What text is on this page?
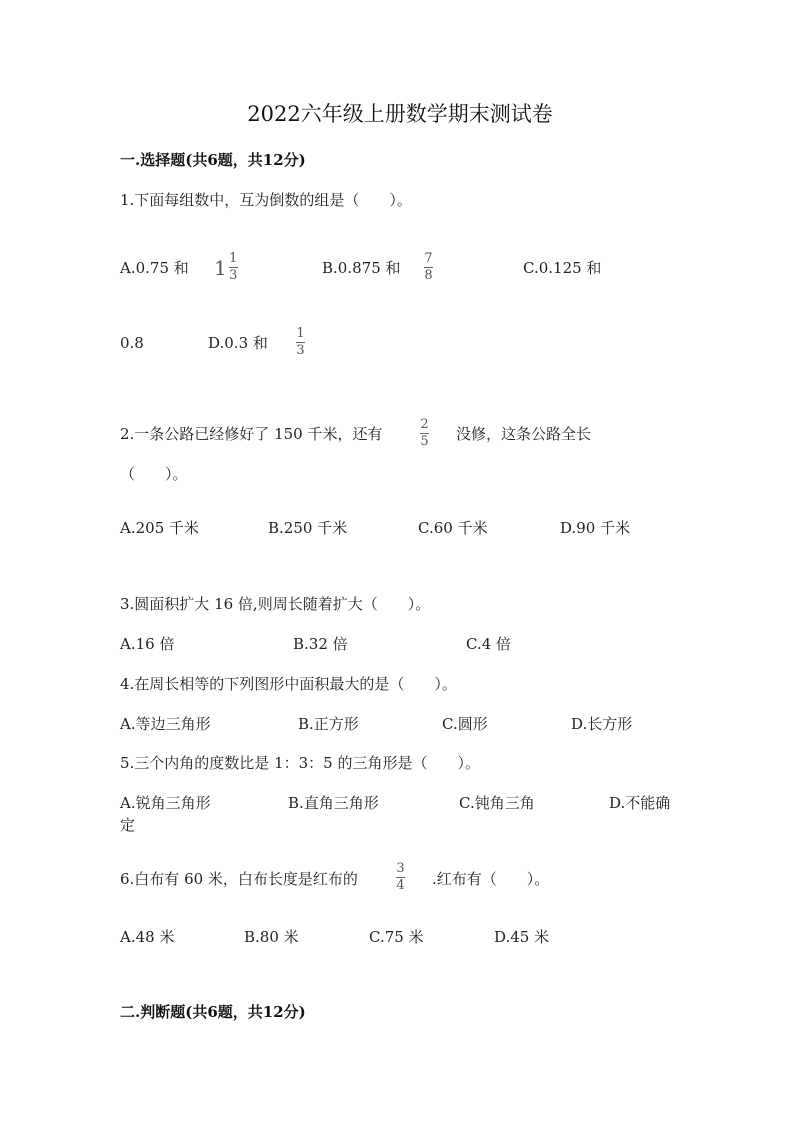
2022六年级上册数学期末测试卷
一.选择题(共6题，共12分)
1.下面每组数中，互为倒数的组是（　　）。
A.0.75 和 $1 \frac{1}{3}$	B.0.875 和
7
8	C.0.125 和
0.8	D.0.3 和
1
3
2.一条公路已经修好了 150 千米，还有
2
5 没修，这条公路全长
（　　）。
A.205 千米	B.250 千米	C.60 千米	D.90 千米
3.圆面积扩大 16 倍,则周长随着扩大（　　）。
A.16 倍	B.32 倍	C.4 倍
4.在周长相等的下列图形中面积最大的是（　　）。
A.等边三角形	B.正方形	C.圆形	D.长方形
5.三个内角的度数比是 1：3：5 的三角形是（　　）。
A.锐角三角形	B.直角三角形	C.钝角三角	D.不能确
定
6.白布有 60 米，白布长度是红布的
3
4 .红布有（　　）。
A.48 米	B.80 米	C.75 米	D.45 米
二.判断题(共6题，共12分)
